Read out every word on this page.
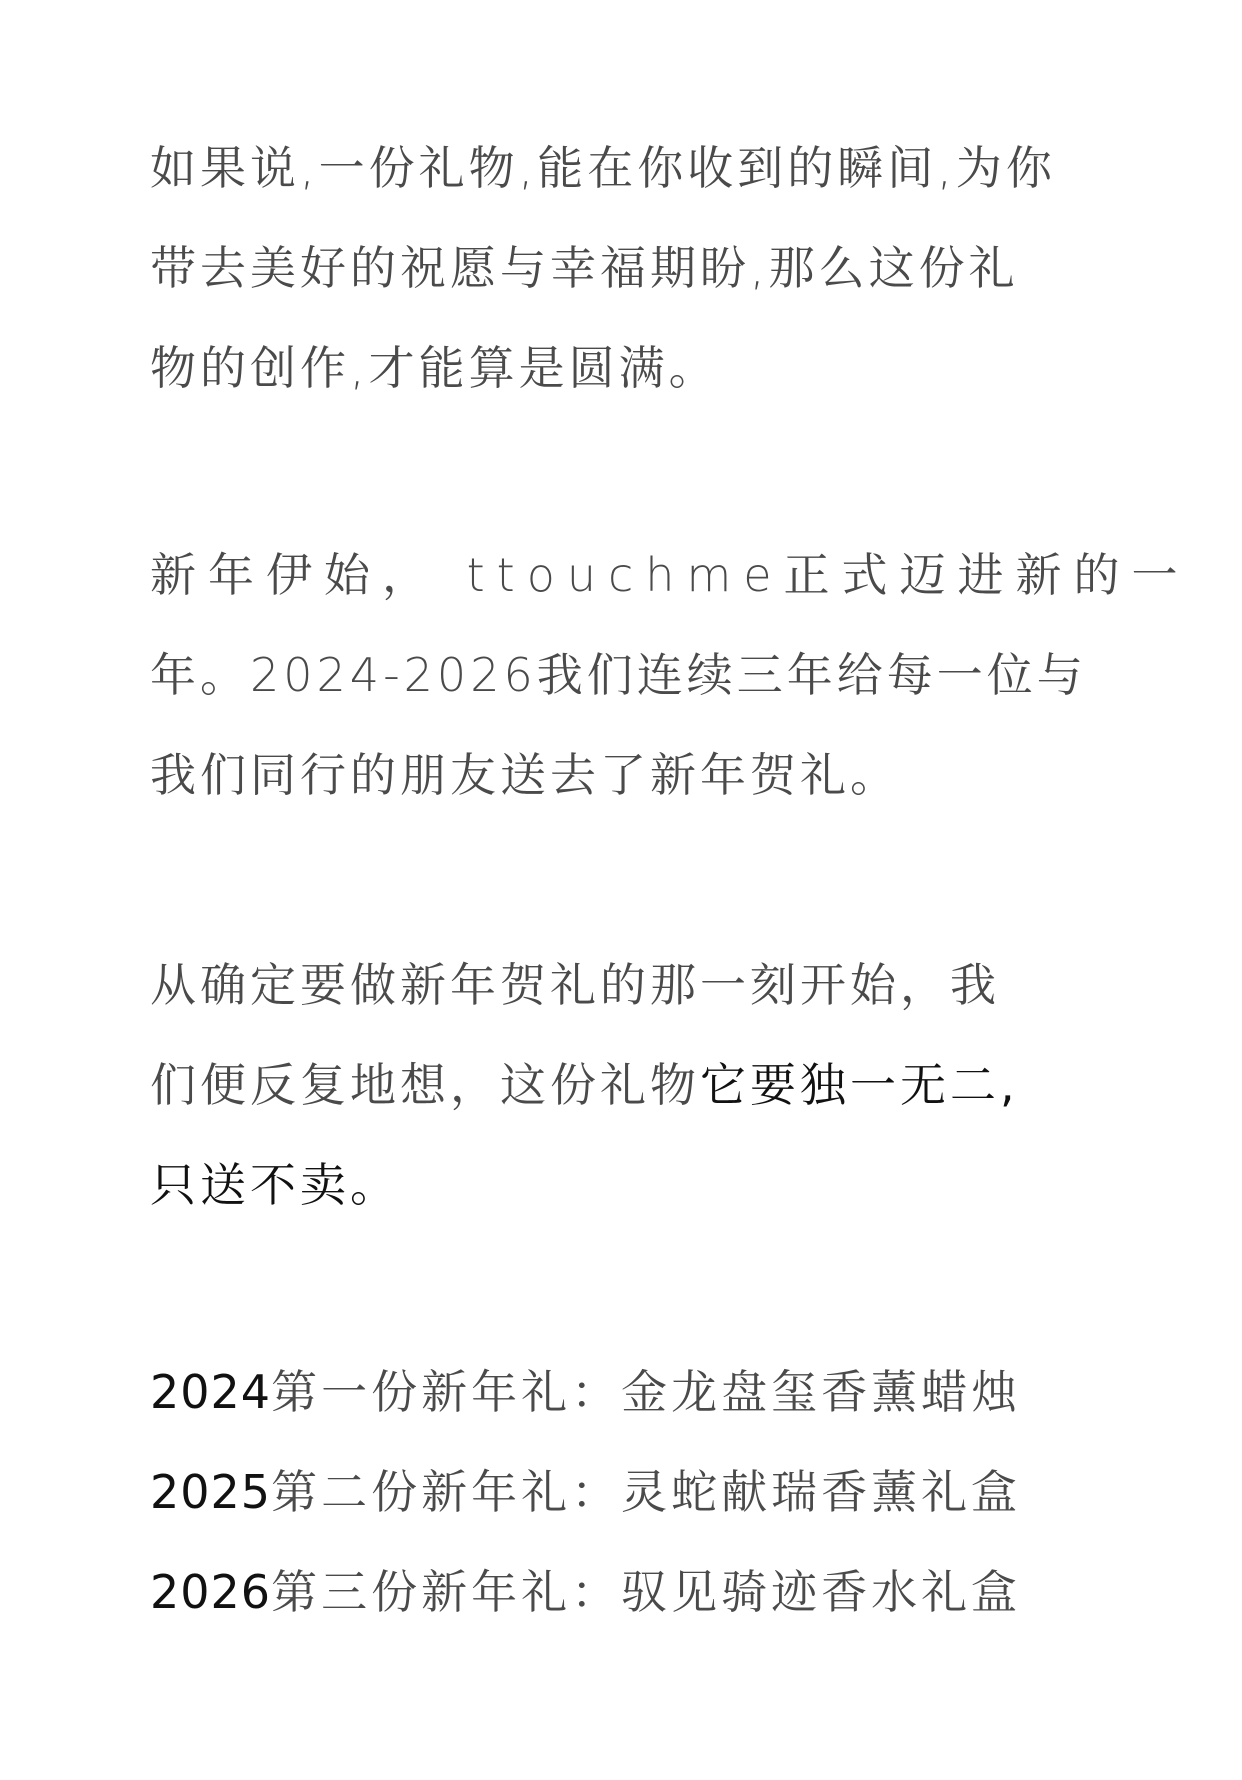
如果说,一份礼物,能在你收到的瞬间,为你
带去美好的祝愿与幸福期盼,那么这份礼
物的创作,才能算是圆满。
新年伊始， ttouchme正式迈进新的一
年。2024-2026我们连续三年给每一位与
我们同行的朋友送去了新年贺礼。
从确定要做新年贺礼的那一刻开始，我
们便反复地想，这份礼物它要独一无二,
只送不卖。
2024第一份新年礼：金龙盘玺香薰蜡烛
2025第二份新年礼：灵蛇献瑞香薰礼盒
2026第三份新年礼：驭见骑迹香水礼盒
